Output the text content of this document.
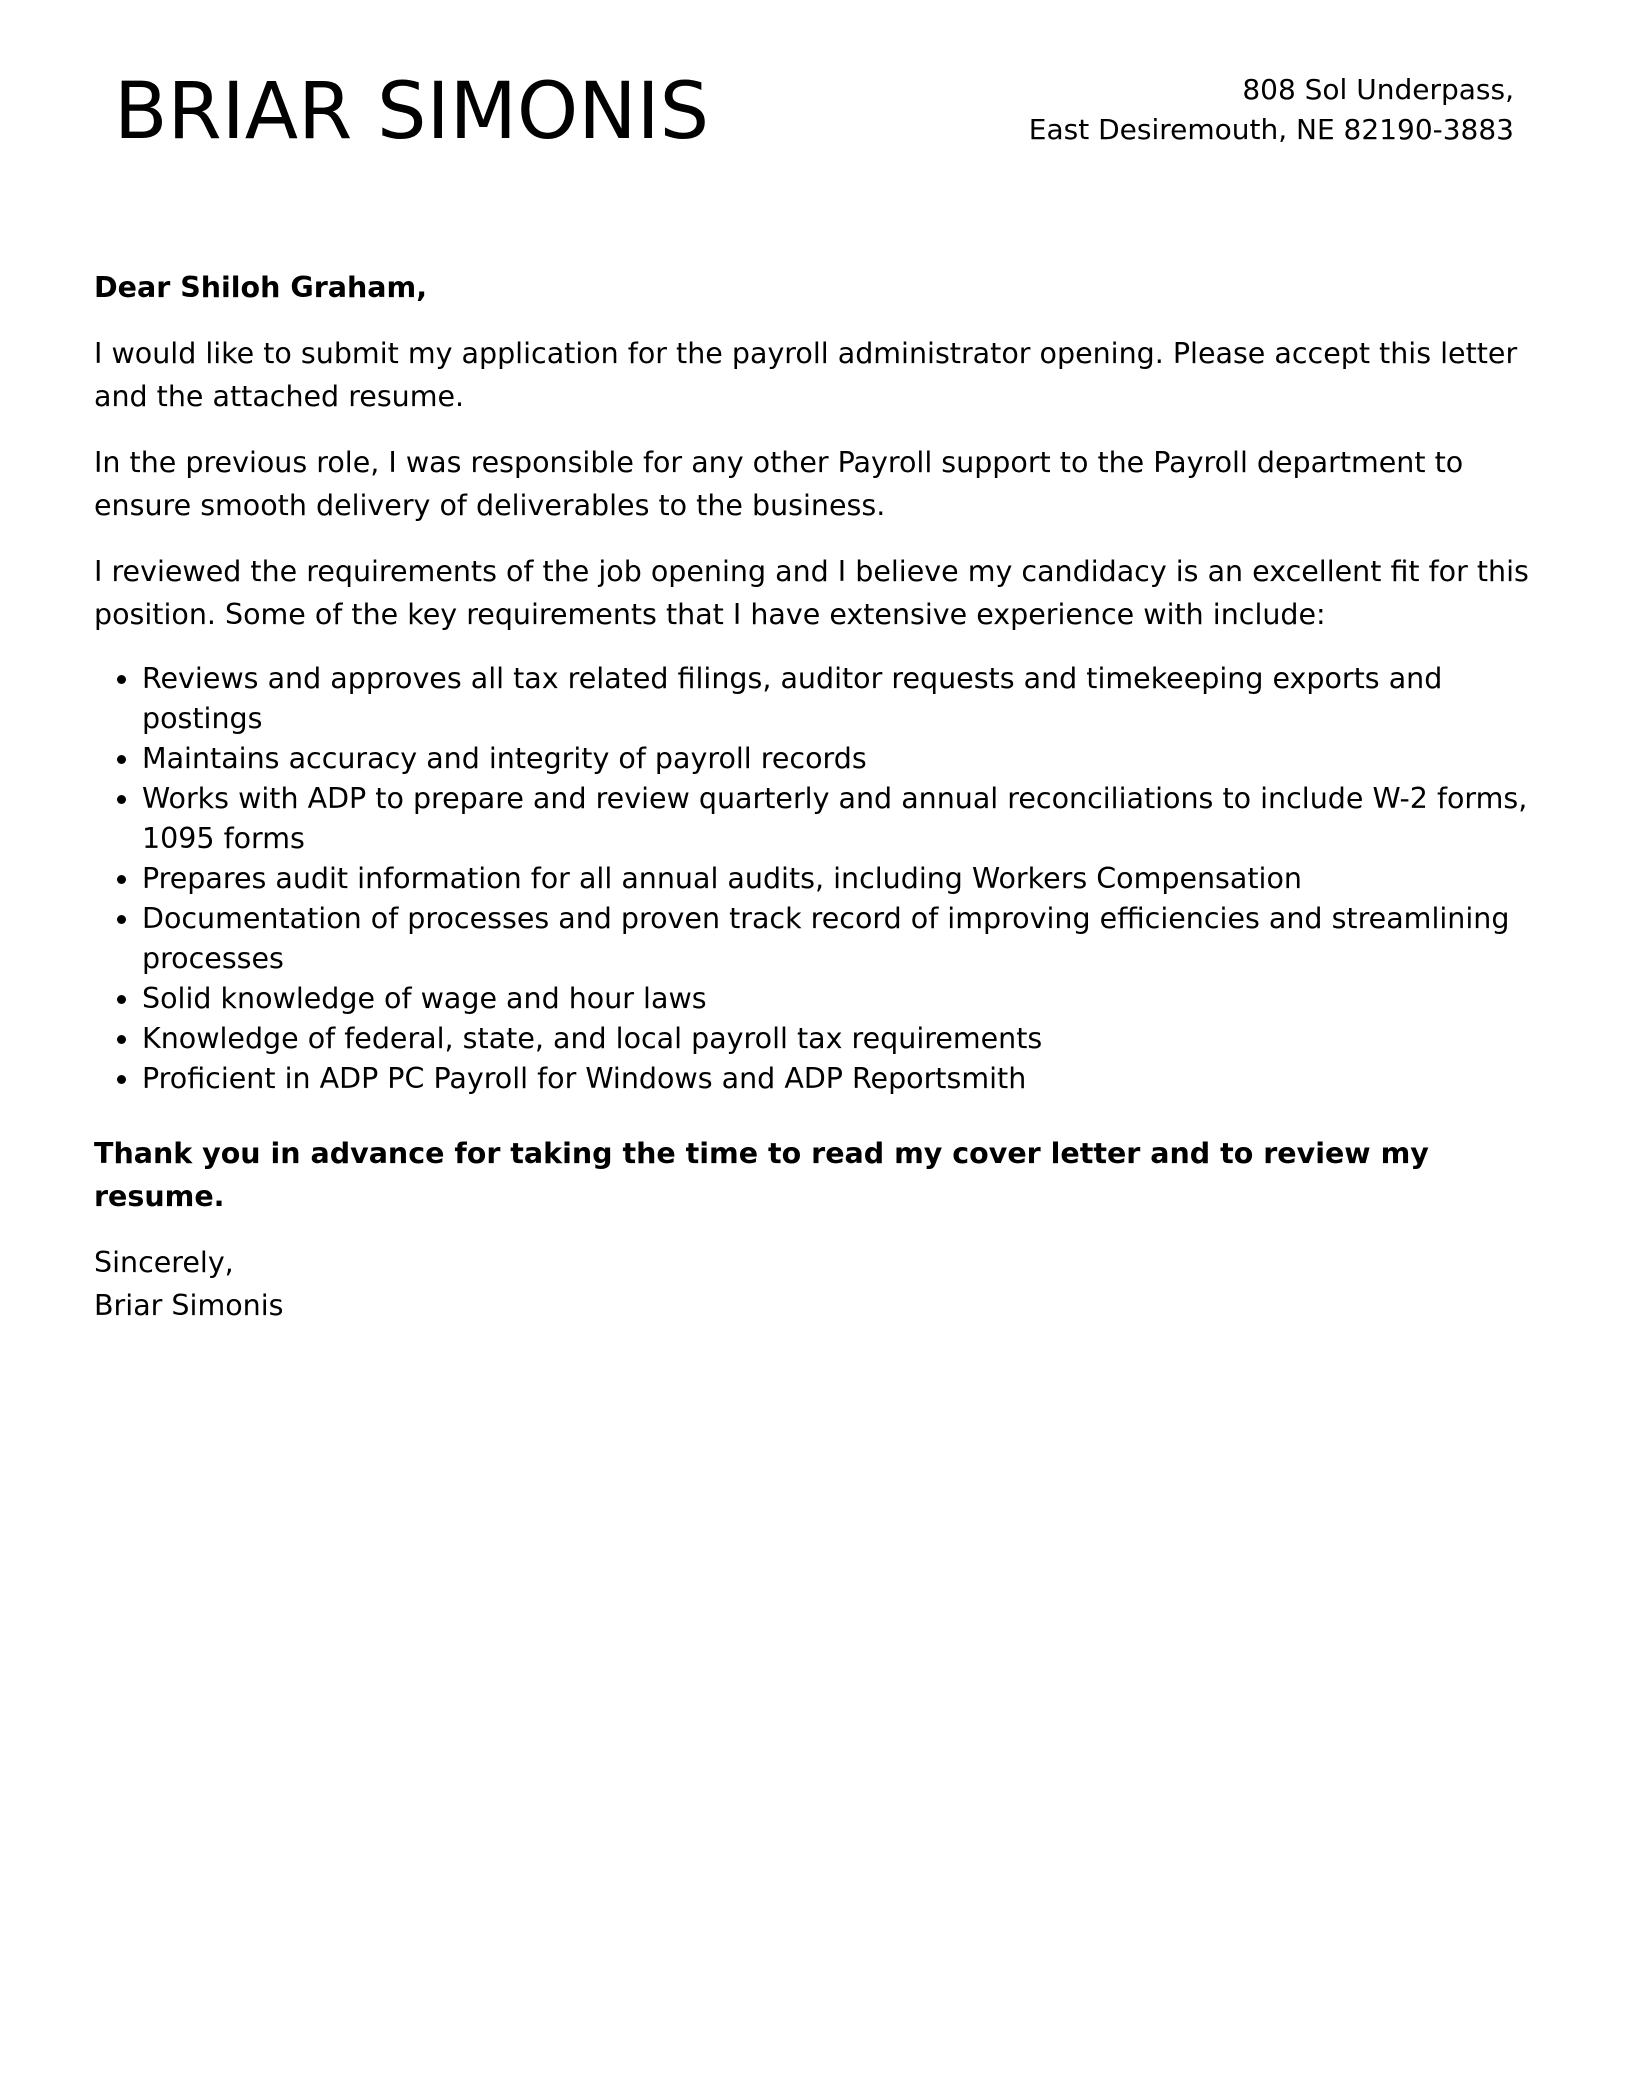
BRIAR SIMONIS	808 Sol Underpass,
East Desiremouth, NE 82190-3883

Dear Shiloh Graham,

I would like to submit my application for the payroll administrator opening. Please accept this letter and the attached resume.

In the previous role, I was responsible for any other Payroll support to the Payroll department to ensure smooth delivery of deliverables to the business.

I reviewed the requirements of the job opening and I believe my candidacy is an excellent fit for this position. Some of the key requirements that I have extensive experience with include:

Reviews and approves all tax related filings, auditor requests and timekeeping exports and postings
Maintains accuracy and integrity of payroll records
Works with ADP to prepare and review quarterly and annual reconciliations to include W-2 forms, 1095 forms
Prepares audit information for all annual audits, including Workers Compensation
Documentation of processes and proven track record of improving efficiencies and streamlining processes
Solid knowledge of wage and hour laws
Knowledge of federal, state, and local payroll tax requirements
Proficient in ADP PC Payroll for Windows and ADP Reportsmith

Thank you in advance for taking the time to read my cover letter and to review my resume.

Sincerely,
Briar Simonis
